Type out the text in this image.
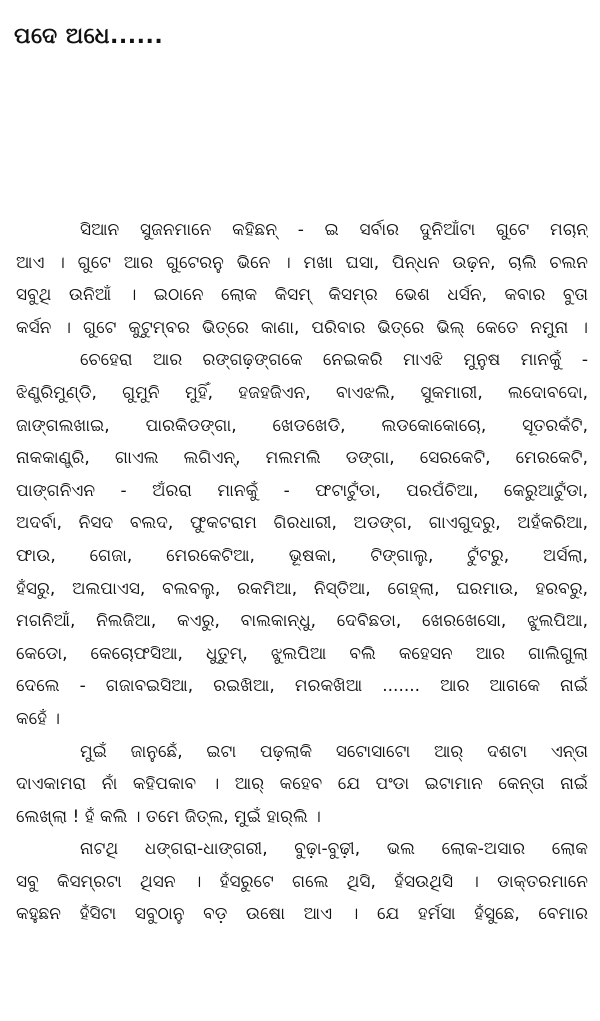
ପଦେ ଅଧେ......
ସିଆନ ସୁଜନମାନେ କହିଛନ୍ - ଇ ସର୍ବାର ଦୁନିଆଁଟା ଗୁଟେ ମଚାନ୍
ଆଏ । ଗୁଟେ ଆର ଗୁଟେରନୁ ଭିନେ । ମଖା ଘସା, ପିନ୍ଧନ ଉଢ଼ନ, ଚାଲି ଚଲନ
ସବୁଥି ଉନିଆଁ । ଇଠାନେ ଲୋକ କିସମ୍ କିସମ୍‌ର ଭେଶ ଧର୍ସନ, କବାର ବୁତା
କର୍ସନ । ଗୁଟେ କୁଟୁମ୍ବର ଭିତ୍ରେ କାଣା, ପରିବାର ଭିତ୍ରେ ଭିଲ୍ କେତେ ନମୁନା ।
ଚେହେରା ଆର ରଙ୍ଗଢ଼ଙ୍ଗକେ ନେଇକରି ମାଏଝି ମୁନୁଷ ମାନକୁଁ -
ଝିଣ୍ଡ୍ରିମୁଣ୍ଡି, ଗୁମୁନି ମୁହିଁ, ହଜହଜିଏନ, ବାଏଝଲି, ସୁକମାରୀ, ଲଦୋବଦୋ,
ଜାଙ୍ଗଲଖାଇ, ପାରକିଡଙ୍ଗା, ଖେଡଖେଡି, ଲଡକୋକୋଚୋ, ସୂତରକଁଟି,
ନାକକାଣ୍ଡ୍ରି, ଗାଏଲ ଲଗିଏନ୍, ମଲମଲି ଡଙ୍ଗା, ସେରକେଟି, ମେରକେଟି,
ପାଙ୍ଗନିଏନ - ଅଁରରା ମାନକୁଁ - ଫଟାଟୁଁଡା, ପରପଁଚିଆ, କେରୁଆଟୁଁଡା,
ଅଦର୍ବା, ନିସଦ ବଲଦ, ଫୁକଟରାମ ଗିରଧାରୀ, ଅଡଙ୍ଗ, ଗାଏଗୁଦରୁ, ଅହଁକରିଆ,
ଫାଉ, ଗେଜା, ମେରକେଟିଆ, ଭୂଷକା, ଟିଙ୍ଗାଲୁ, ଟୁଁଟରୁ, ଅର୍ସଲା,
ହଁସରୁ, ଅଲପାଏସ, ବଲବଲୁ, ରକମିଆ, ନିସ୍ତିଆ, ଗେହ୍ଲା, ଘରମାଉ, ହରବରୁ,
ମଗନିଆଁ, ନିଲଜିଆ, କଏରୁ, ବାଲକାନ୍ଧୁ, ଦେବିଛଡା, ଖେରଖେସୋ, ଝୁଲପିଆ,
କେଡୋ, କେଚୋଫସିଆ, ଧୁତୁମ୍, ଝୁଲପିଆ ବଲି କହେସନ ଆର ଗାଲିଗୁଲା
ଦେଲେ - ଗଜାବଇସିଆ, ରଇଖିଆ, ମରକଖିଆ ....... ଆର ଆଗକେ ନାଇଁ
କହେଁ ।
ମୁଇଁ ଜାନୁଛେଁ, ଇଟା ପଢ଼ଲାକି ସଟୋସାଟୋ ଆର୍ ଦଶଟା ଏନ୍ତା
ଦାଏକାମରା ନାଁ କହିପକାବ । ଆର୍ କହେବ ଯେ ପଂଡା ଇଟାମାନ କେନ୍ତା ନାଇଁ
ଲେଖ୍ଲା ! ହଁ କଲି । ତମେ ଜିତ୍‌ଲ, ମୁଇଁ ହାର୍‌ଲି ।
ନାଟଥି ଧଙ୍ଗରା-ଧାଙ୍ଗରୀ, ବୁଢ଼ା-ବୁଢ଼ୀ, ଭଲ ଲୋକ-ଅସାର ଲୋକ
ସବୁ କିସମ୍‌ରଟା ଥିସନ । ହଁସରୁଟେ ଗଲେ ଥିସି, ହଁସଉଥିସି । ଡାକ୍ତରମାନେ
କହୁଛନ ହଁସିଟା ସବୁଠାନୁ ବଡ଼ ଉଷୋ ଆଏ । ଯେ ହର୍ମସା ହଁସୁଛେ, ବେମାର
